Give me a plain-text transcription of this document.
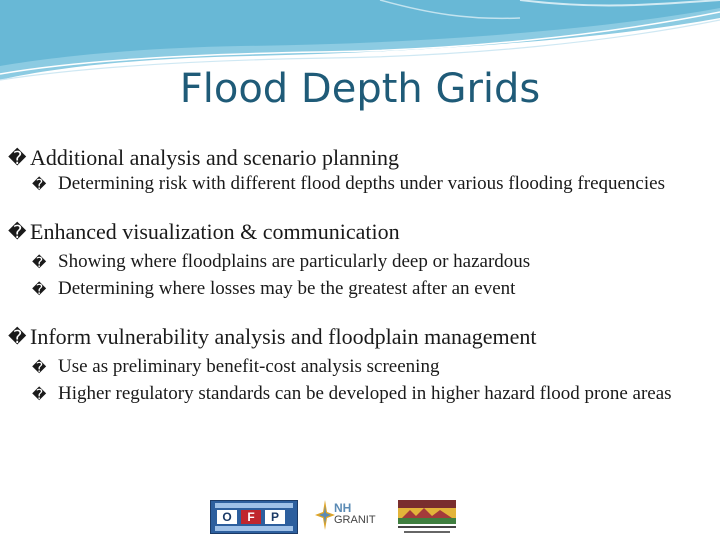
Flood Depth Grids
� Additional analysis and scenario planning
� Determining risk with different flood depths under various flooding frequencies
� Enhanced visualization & communication
� Showing where floodplains are particularly deep or hazardous
� Determining where losses may be the greatest after an event
� Inform vulnerability analysis and floodplain management
� Use as preliminary benefit-cost analysis screening
� Higher regulatory standards can be developed in higher hazard flood prone areas
O	F	P
NH
GRANIT
